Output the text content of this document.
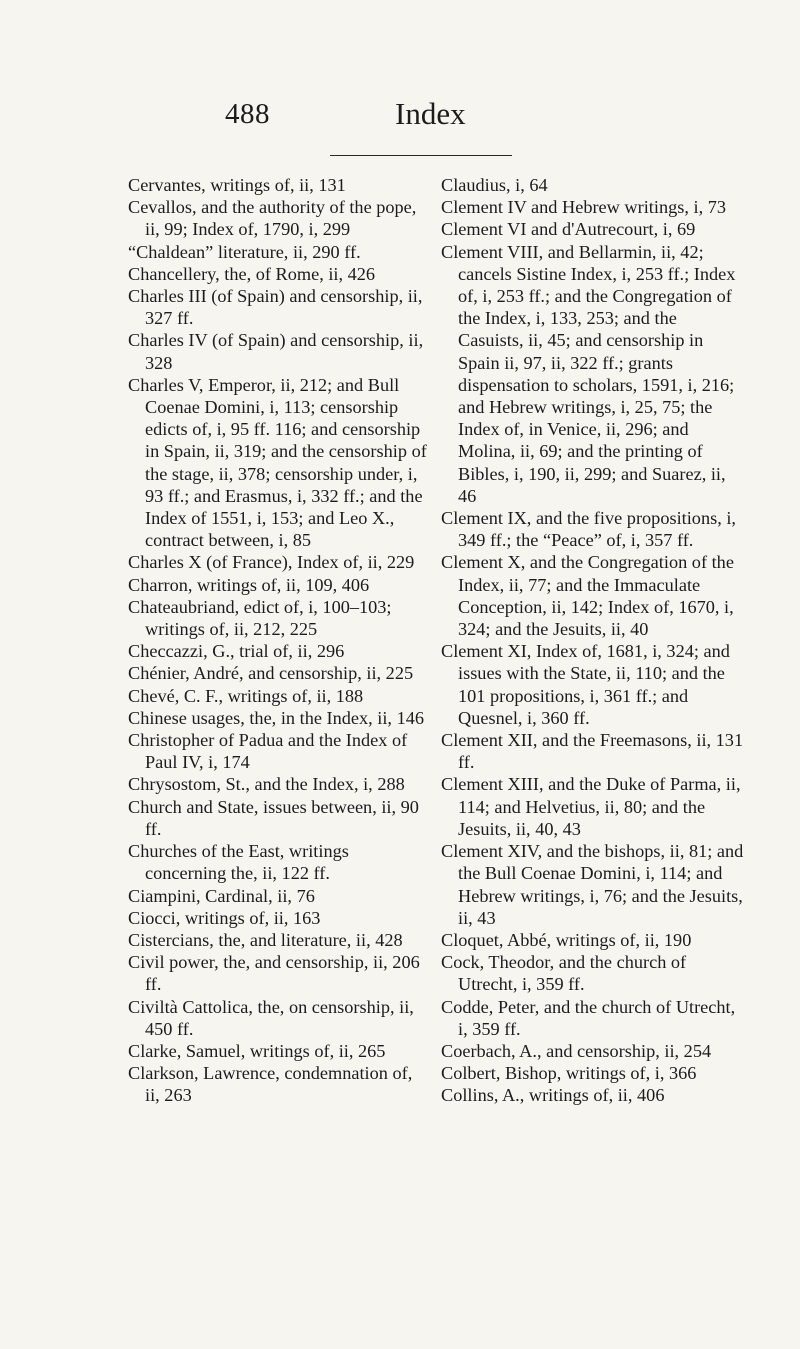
488	Index

Cervantes, writings of, ii, 131

Cevallos, and the authority of the pope, ii, 99; Index of, 1790, i, 299

“Chaldean” literature, ii, 290 ff.

Chancellery, the, of Rome, ii, 426

Charles III (of Spain) and censorship, ii, 327 ff.

Charles IV (of Spain) and censorship, ii, 328

Charles V, Emperor, ii, 212; and Bull Coenae Domini, i, 113; censorship edicts of, i, 95 ff. 116; and censorship in Spain, ii, 319; and the censorship of the stage, ii, 378; censorship under, i, 93 ff.; and Erasmus, i, 332 ff.; and the Index of 1551, i, 153; and Leo X., contract between, i, 85

Charles X (of France), Index of, ii, 229

Charron, writings of, ii, 109, 406

Chateaubriand, edict of, i, 100–103; writings of, ii, 212, 225

Checcazzi, G., trial of, ii, 296

Chénier, André, and censorship, ii, 225

Chevé, C. F., writings of, ii, 188

Chinese usages, the, in the Index, ii, 146

Christopher of Padua and the Index of Paul IV, i, 174

Chrysostom, St., and the Index, i, 288

Church and State, issues between, ii, 90 ff.

Churches of the East, writings concerning the, ii, 122 ff.

Ciampini, Cardinal, ii, 76

Ciocci, writings of, ii, 163

Cistercians, the, and literature, ii, 428

Civil power, the, and censorship, ii, 206 ff.

Civiltà Cattolica, the, on censorship, ii, 450 ff.

Clarke, Samuel, writings of, ii, 265

Clarkson, Lawrence, condemnation of, ii, 263

Claudius, i, 64

Clement IV and Hebrew writings, i, 73

Clement VI and d'Autrecourt, i, 69

Clement VIII, and Bellarmin, ii, 42; cancels Sistine Index, i, 253 ff.; Index of, i, 253 ff.; and the Congregation of the Index, i, 133, 253; and the Casuists, ii, 45; and censorship in Spain ii, 97, ii, 322 ff.; grants dispensation to scholars, 1591, i, 216; and Hebrew writings, i, 25, 75; the Index of, in Venice, ii, 296; and Molina, ii, 69; and the printing of Bibles, i, 190, ii, 299; and Suarez, ii, 46

Clement IX, and the five propositions, i, 349 ff.; the “Peace” of, i, 357 ff.

Clement X, and the Congregation of the Index, ii, 77; and the Immaculate Conception, ii, 142; Index of, 1670, i, 324; and the Jesuits, ii, 40

Clement XI, Index of, 1681, i, 324; and issues with the State, ii, 110; and the 101 propositions, i, 361 ff.; and Quesnel, i, 360 ff.

Clement XII, and the Freemasons, ii, 131 ff.

Clement XIII, and the Duke of Parma, ii, 114; and Helvetius, ii, 80; and the Jesuits, ii, 40, 43

Clement XIV, and the bishops, ii, 81; and the Bull Coenae Domini, i, 114; and Hebrew writings, i, 76; and the Jesuits, ii, 43

Cloquet, Abbé, writings of, ii, 190

Cock, Theodor, and the church of Utrecht, i, 359 ff.

Codde, Peter, and the church of Utrecht, i, 359 ff.

Coerbach, A., and censorship, ii, 254

Colbert, Bishop, writings of, i, 366

Collins, A., writings of, ii, 406
